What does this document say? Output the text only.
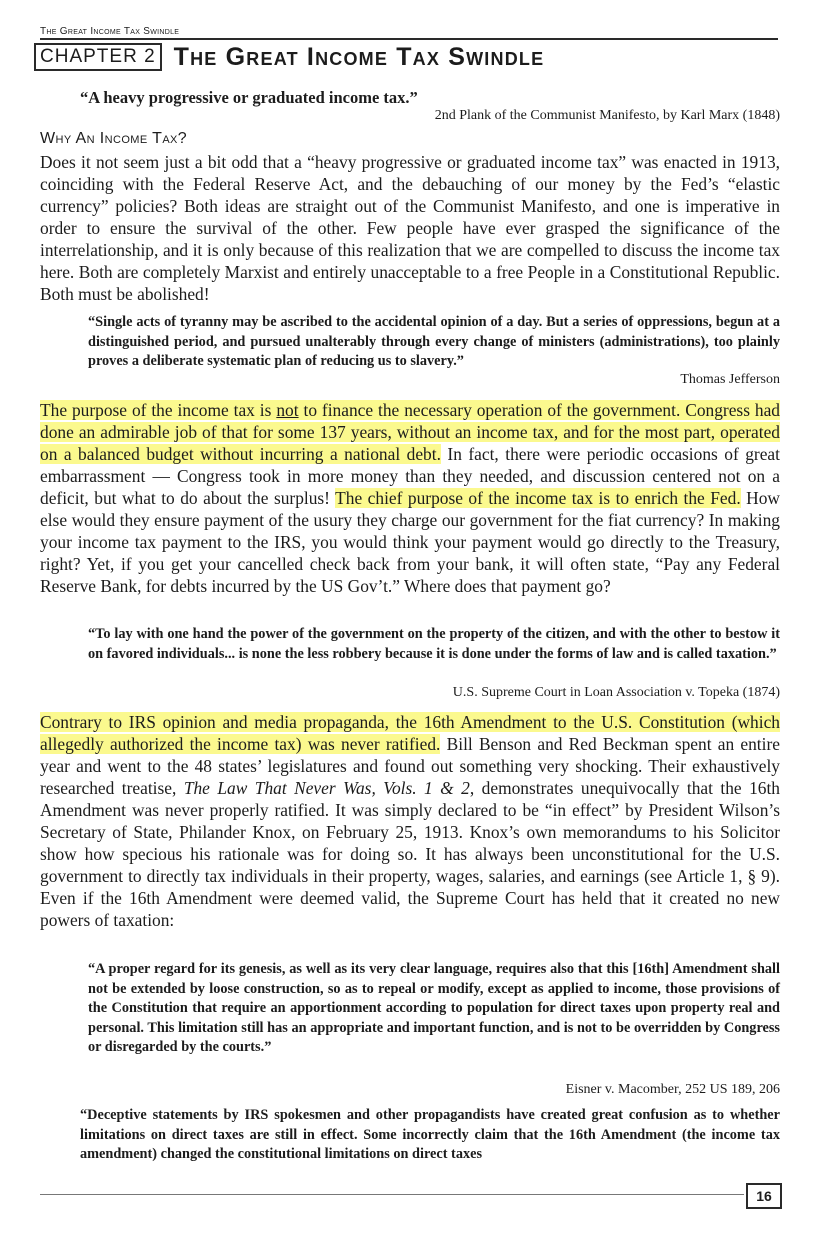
The Great Income Tax Swindle
CHAPTER 2 The Great Income Tax Swindle
“A heavy progressive or graduated income tax.”
2nd Plank of the Communist Manifesto, by Karl Marx (1848)
Why An Income Tax?
Does it not seem just a bit odd that a “heavy progressive or graduated income tax” was enacted in 1913, coinciding with the Federal Reserve Act, and the debauching of our money by the Fed’s “elastic currency” policies? Both ideas are straight out of the Communist Manifesto, and one is imperative in order to ensure the survival of the other. Few people have ever grasped the significance of the interrelationship, and it is only because of this realization that we are compelled to discuss the income tax here. Both are completely Marxist and entirely unacceptable to a free People in a Constitutional Republic. Both must be abolished!
“Single acts of tyranny may be ascribed to the accidental opinion of a day. But a series of oppressions, begun at a distinguished period, and pursued unalterably through every change of ministers (administrations), too plainly proves a deliberate systematic plan of reducing us to slavery.”
Thomas Jefferson
The purpose of the income tax is not to finance the necessary operation of the government. Congress had done an admirable job of that for some 137 years, without an income tax, and for the most part, operated on a balanced budget without incurring a national debt. In fact, there were periodic occasions of great embarrassment — Congress took in more money than they needed, and discussion centered not on a deficit, but what to do about the surplus! The chief purpose of the income tax is to enrich the Fed. How else would they ensure payment of the usury they charge our government for the fiat currency? In making your income tax payment to the IRS, you would think your payment would go directly to the Treasury, right? Yet, if you get your cancelled check back from your bank, it will often state, “Pay any Federal Reserve Bank, for debts incurred by the US Gov’t.” Where does that payment go?
“To lay with one hand the power of the government on the property of the citizen, and with the other to bestow it on favored individuals... is none the less robbery because it is done under the forms of law and is called taxation.”
U.S. Supreme Court in Loan Association v. Topeka (1874)
Contrary to IRS opinion and media propaganda, the 16th Amendment to the U.S. Constitution (which allegedly authorized the income tax) was never ratified. Bill Benson and Red Beckman spent an entire year and went to the 48 states’ legislatures and found out something very shocking. Their exhaustively researched treatise, The Law That Never Was, Vols. 1 & 2, demonstrates unequivocally that the 16th Amendment was never properly ratified. It was simply declared to be “in effect” by President Wilson’s Secretary of State, Philander Knox, on February 25, 1913. Knox’s own memorandums to his Solicitor show how specious his rationale was for doing so. It has always been unconstitutional for the U.S. government to directly tax individuals in their property, wages, salaries, and earnings (see Article 1, § 9). Even if the 16th Amendment were deemed valid, the Supreme Court has held that it created no new powers of taxation:
“A proper regard for its genesis, as well as its very clear language, requires also that this [16th] Amendment shall not be extended by loose construction, so as to repeal or modify, except as applied to income, those provisions of the Constitution that require an apportionment according to population for direct taxes upon property real and personal. This limitation still has an appropriate and important function, and is not to be overridden by Congress or disregarded by the courts.”
Eisner v. Macomber, 252 US 189, 206
“Deceptive statements by IRS spokesmen and other propagandists have created great confusion as to whether limitations on direct taxes are still in effect. Some incorrectly claim that the 16th Amendment (the income tax amendment) changed the constitutional limitations on direct taxes
16
